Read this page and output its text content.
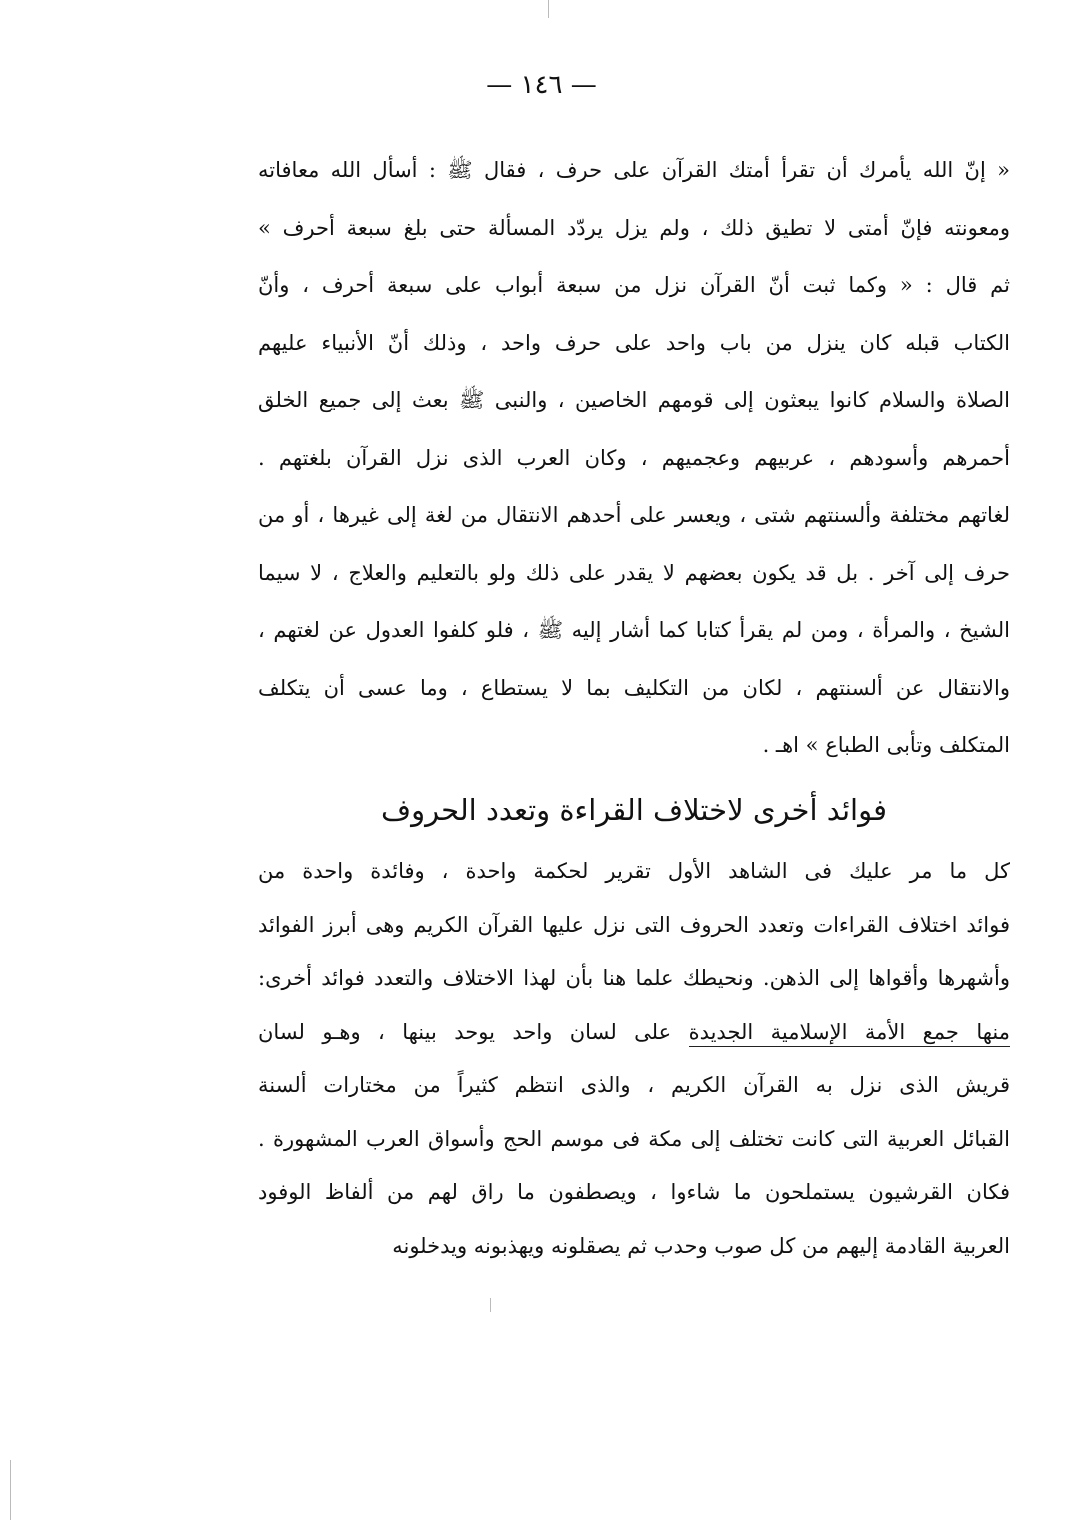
— ١٤٦ —
« إنّ الله يأمرك أن تقرأ أمتك القرآن على حرف ، فقال ﷺ : أسأل الله معافاته
ومعونته فإنّ أمتى لا تطيق ذلك ، ولم يزل يردّد المسألة حتى بلغ سبعة أحرف »
ثم قال : « وكما ثبت أنّ القرآن نزل من سبعة أبواب على سبعة أحرف ، وأنّ
الكتاب قبله كان ينزل من باب واحد على حرف واحد ، وذلك أنّ الأنبياء عليهم
الصلاة والسلام كانوا يبعثون إلى قومهم الخاصين ، والنبى ﷺ بعث إلى جميع الخلق
أحمرهم وأسودهم ، عربيهم وعجميهم ، وكان العرب الذى نزل القرآن بلغتهم .
لغاتهم مختلفة وألسنتهم شتى ، ويعسر على أحدهم الانتقال من لغة إلى غيرها ، أو من
حرف إلى آخر . بل قد يكون بعضهم لا يقدر على ذلك ولو بالتعليم والعلاج ، لا سيما
الشيخ ، والمرأة ، ومن لم يقرأ كتابا كما أشار إليه ﷺ ، فلو كلفوا العدول عن لغتهم ،
والانتقال عن ألسنتهم ، لكان من التكليف بما لا يستطاع ، وما عسى أن يتكلف
المتكلف وتأبى الطباع » اهـ .
فوائد أخرى لاختلاف القراءة وتعدد الحروف
كل ما مر عليك فى الشاهد الأول تقرير لحكمة واحدة ، وفائدة واحدة من
فوائد اختلاف القراءات وتعدد الحروف التى نزل عليها القرآن الكريم وهى أبرز الفوائد
وأشهرها وأقواها إلى الذهن. ونحيطك علما هنا بأن لهذا الاختلاف والتعدد فوائد أخرى:
منها جمع الأمة الإسلامية الجديدة على لسان واحد يوحد بينها ، وهـو لسان
قريش الذى نزل به القرآن الكريم ، والذى انتظم كثيراً من مختارات ألسنة
القبائل العربية التى كانت تختلف إلى مكة فى موسم الحج وأسواق العرب المشهورة .
فكان القرشيون يستملحون ما شاءوا ، ويصطفون ما راق لهم من ألفاظ الوفود
العربية القادمة إليهم من كل صوب وحدب ثم يصقلونه ويهذبونه ويدخلونه
